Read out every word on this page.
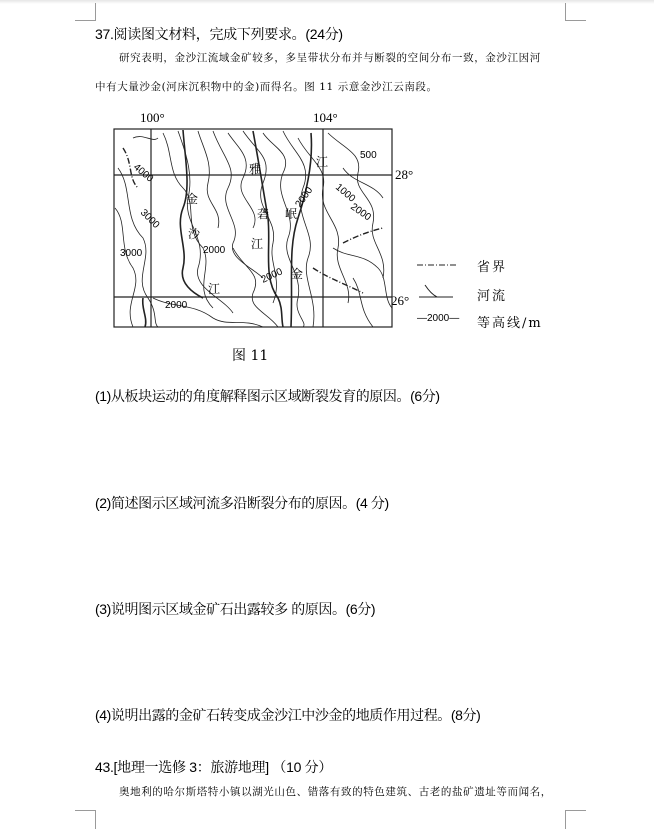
37.阅读图文材料，完成下列要求。(24分)
研究表明，金沙江流域金矿较多，多呈带状分布并与断裂的空间分布一致，金沙江因河
中有大量沙金(河床沉积物中的金)而得名。图 11 示意金沙江云南段。
100°	104°
28°
26°
4000
3000
3000	2000
2000
2000
2000
500
1000
2000
金
沙
江
雅
砻
江
江
岷
金	省界
河流
—2000— 等高线/m
图 11
(1)从板块运动的角度解释图示区域断裂发育的原因。(6分)
(2)简述图示区域河流多沿断裂分布的原因。(4 分)
(3)说明图示区域金矿石出露较多 的原因。(6分)
(4)说明出露的金矿石转变成金沙江中沙金的地质作用过程。(8分)
43.[地理一选修 3：旅游地理] （10 分）
奥地利的哈尔斯塔特小镇以湖光山色、错落有致的特色建筑、古老的盐矿遗址等而闻名，
